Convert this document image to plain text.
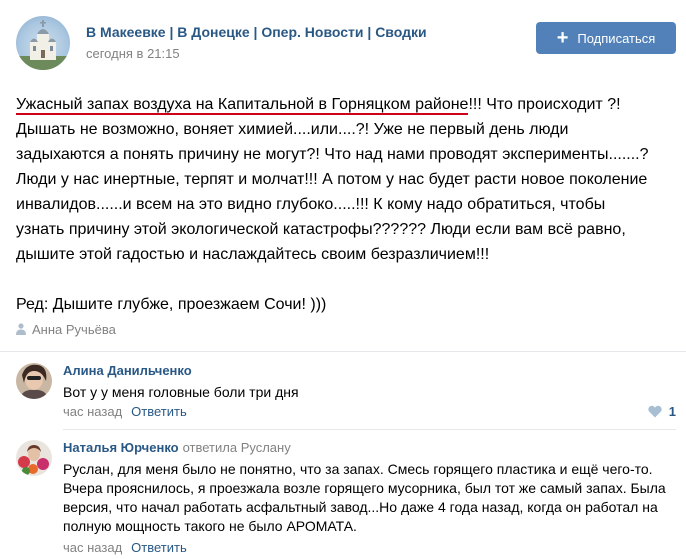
В Макеевке | В Донецке | Опер. Новости | Сводки
сегодня в 21:15
+ Подписаться

Ужасный запах воздуха на Капитальной в Горняцком районе!!! Что происходит ?!

Дышать не возможно, воняет химией....или....?! Уже не первый день люди

задыхаются а понять причину не могут?! Что над нами проводят эксперименты.......?

Люди у нас инертные, терпят и молчат!!! А потом у нас будет расти новое поколение

инвалидов......и всем на это видно глубоко.....!!! К кому надо обратиться, чтобы

узнать причину этой экологической катастрофы?????? Люди если вам всё равно,

дышите этой гадостью и наслаждайтесь своим безразличием!!!

Ред: Дышите глубже, проезжаем Сочи! )))

Анна Ручьёва
Алина Данильченко
Вот у у меня головные боли три дня
час назад Ответить	1
Наталья Юрченко ответила Руслану
Руслан, для меня было не понятно, что за запах. Смесь горящего пластика и ещё чего-то. Вчера прояснилось, я проезжала возле горящего мусорника, был тот же самый запах. Была версия, что начал работать асфальтный завод...Но даже 4 года назад, когда он работал на полную мощность такого не было АРОМАТА.
час назад Ответить
